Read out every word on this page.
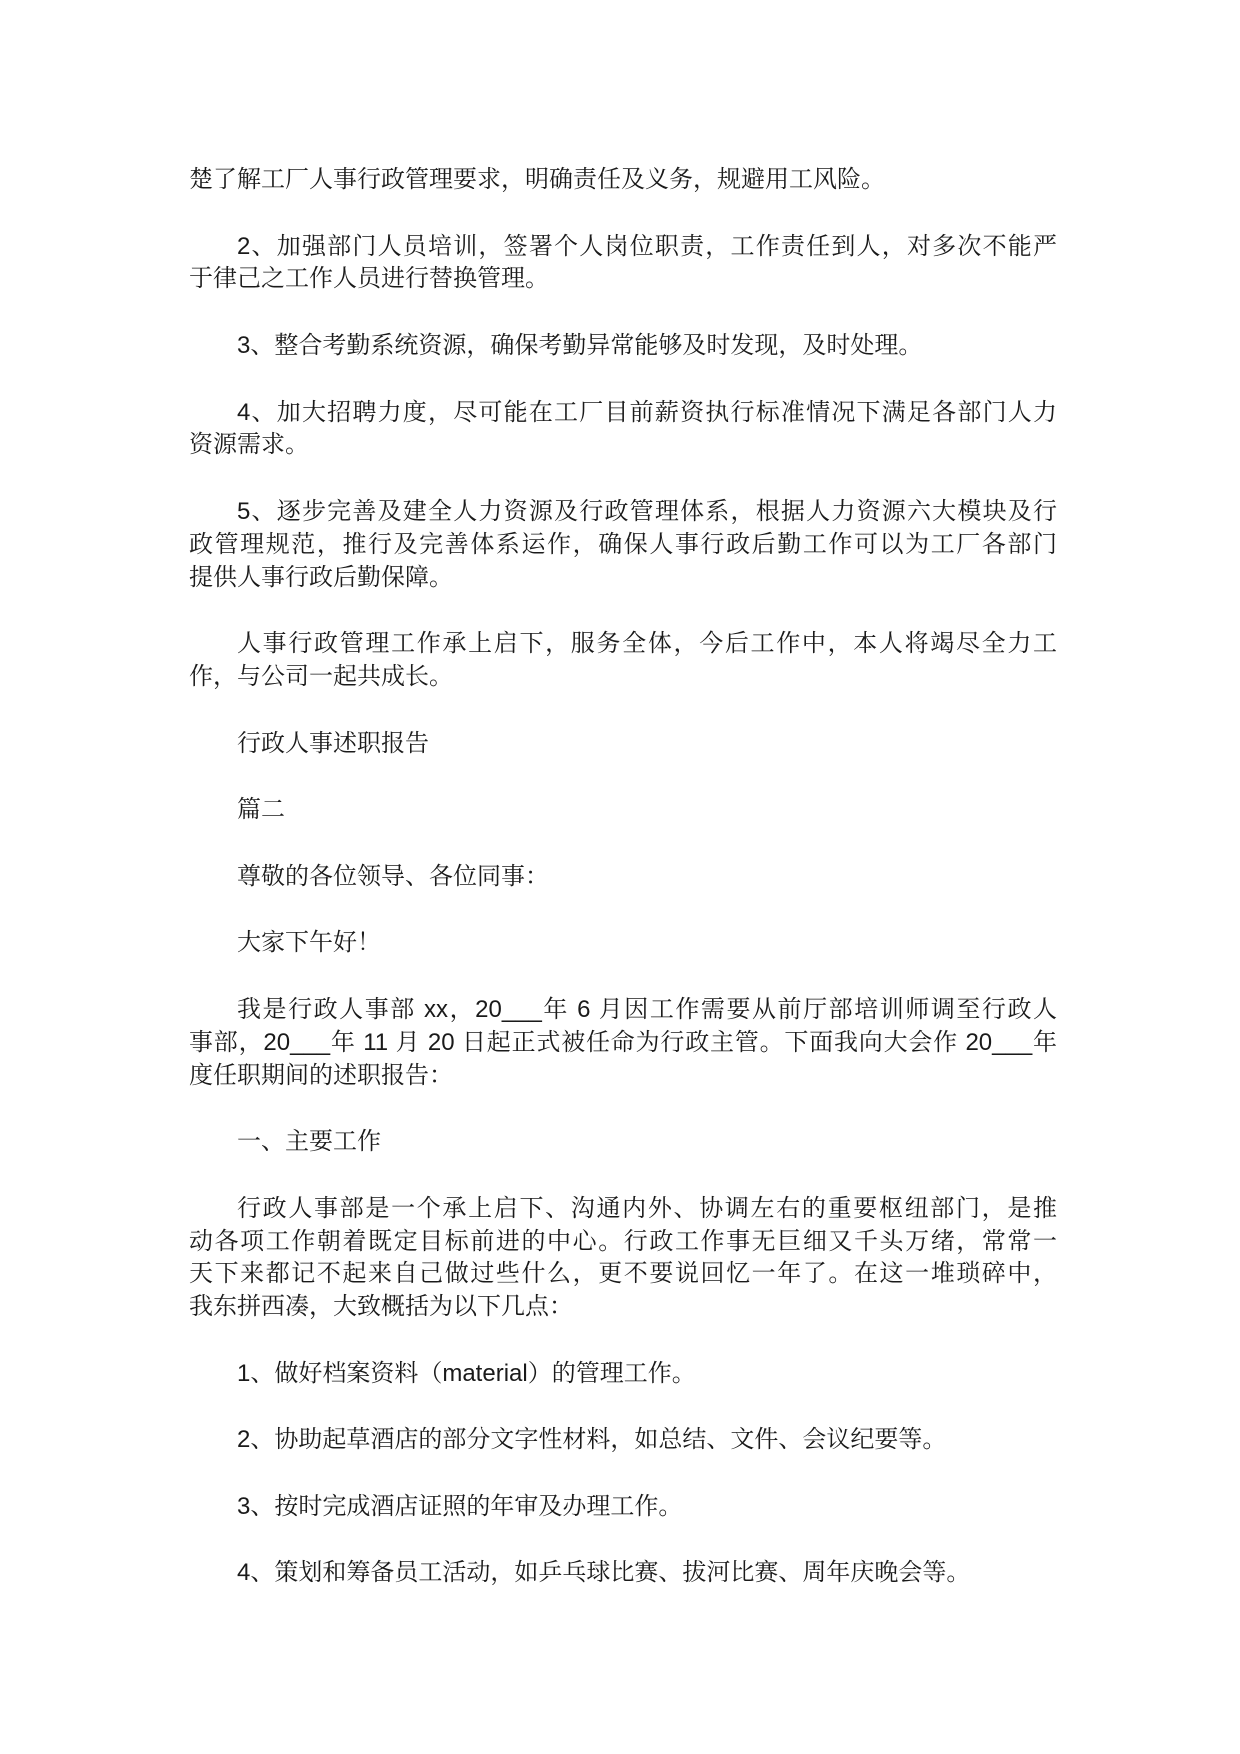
楚了解工厂人事行政管理要求，明确责任及义务，规避用工风险。
2、加强部门人员培训，签署个人岗位职责，工作责任到人，对多次不能严
于律己之工作人员进行替换管理。
3、整合考勤系统资源，确保考勤异常能够及时发现，及时处理。
4、加大招聘力度，尽可能在工厂目前薪资执行标准情况下满足各部门人力
资源需求。
5、逐步完善及建全人力资源及行政管理体系，根据人力资源六大模块及行
政管理规范，推行及完善体系运作，确保人事行政后勤工作可以为工厂各部门
提供人事行政后勤保障。
人事行政管理工作承上启下，服务全体，今后工作中，本人将竭尽全力工
作，与公司一起共成长。
行政人事述职报告
篇二
尊敬的各位领导、各位同事：
大家下午好！
我是行政人事部 xx，20___年 6 月因工作需要从前厅部培训师调至行政人
事部，20___年 11 月 20 日起正式被任命为行政主管。下面我向大会作 20___年
度任职期间的述职报告：
一、主要工作
行政人事部是一个承上启下、沟通内外、协调左右的重要枢纽部门，是推
动各项工作朝着既定目标前进的中心。行政工作事无巨细又千头万绪，常常一
天下来都记不起来自己做过些什么，更不要说回忆一年了。在这一堆琐碎中，
我东拼西凑，大致概括为以下几点：
1、做好档案资料（material）的管理工作。
2、协助起草酒店的部分文字性材料，如总结、文件、会议纪要等。
3、按时完成酒店证照的年审及办理工作。
4、策划和筹备员工活动，如乒乓球比赛、拔河比赛、周年庆晚会等。
